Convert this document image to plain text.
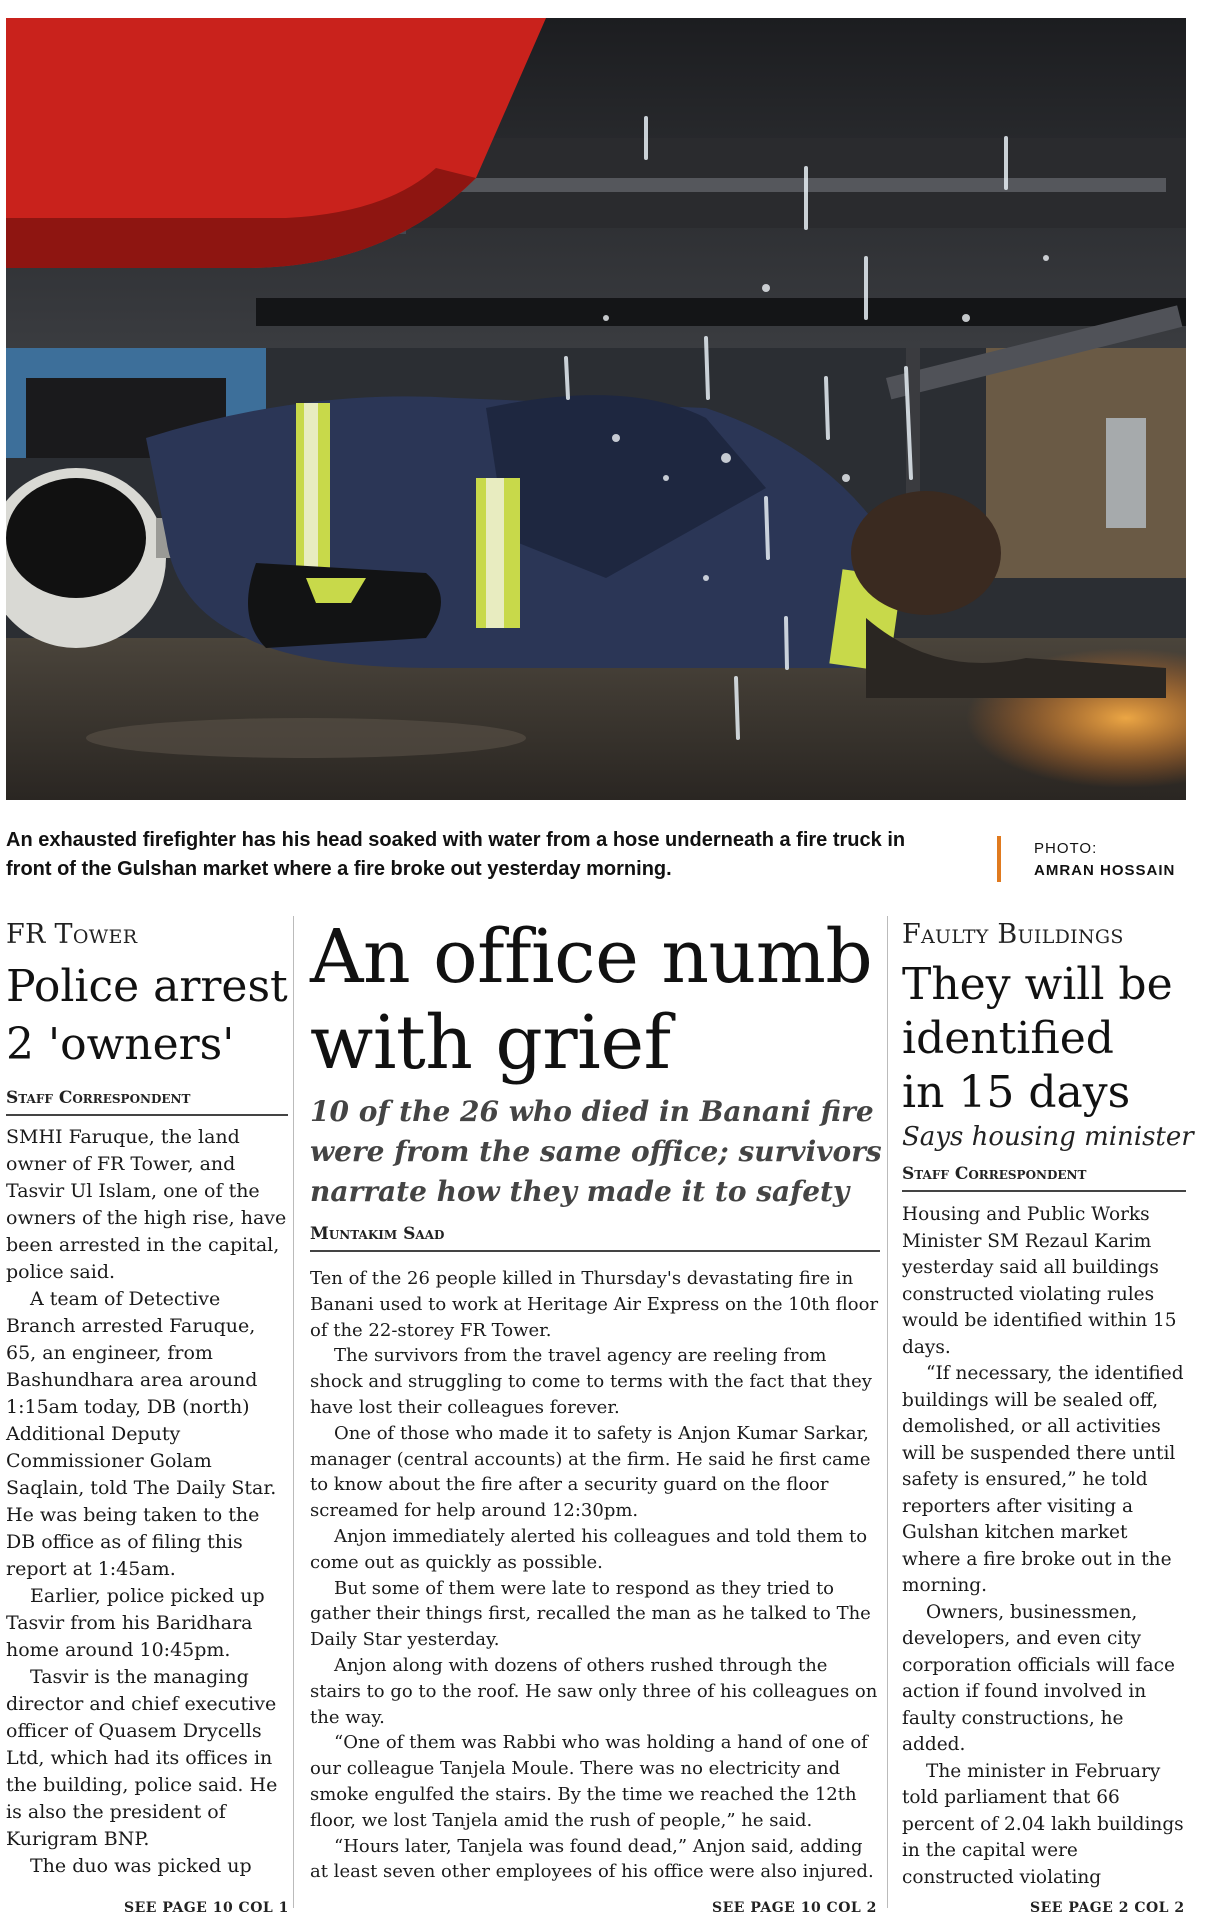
An exhausted firefighter has his head soaked with water from a hose underneath a fire truck in front of the Gulshan market where a fire broke out yesterday morning.
PHOTO:
AMRAN HOSSAIN
FR Tower
Police arrest
2 'owners'
Staff Correspondent

SMHI Faruque, the land owner of FR Tower, and Tasvir Ul Islam, one of the owners of the high rise, have been arrested in the capital, police said.

A team of Detective Branch arrested Faruque, 65, an engineer, from Bashundhara area around 1:15am today, DB (north) Additional Deputy Commissioner Golam Saqlain, told The Daily Star. He was being taken to the DB office as of filing this report at 1:45am.

Earlier, police picked up Tasvir from his Baridhara home around 10:45pm.

Tasvir is the managing director and chief executive officer of Quasem Drycells Ltd, which had its offices in the building, police said. He is also the president of Kurigram BNP.

The duo was picked up

SEE PAGE 10 COL 1
An office numb
with grief
10 of the 26 who died in Banani fire
were from the same office; survivors
narrate how they made it to safety
Muntakim Saad

Ten of the 26 people killed in Thursday's devastating fire in Banani used to work at Heritage Air Express on the 10th floor of the 22-storey FR Tower.

The survivors from the travel agency are reeling from shock and struggling to come to terms with the fact that they have lost their colleagues forever.

One of those who made it to safety is Anjon Kumar Sarkar, manager (central accounts) at the firm. He said he first came to know about the fire after a security guard on the floor screamed for help around 12:30pm.

Anjon immediately alerted his colleagues and told them to come out as quickly as possible.

But some of them were late to respond as they tried to gather their things first, recalled the man as he talked to The Daily Star yesterday.

Anjon along with dozens of others rushed through the stairs to go to the roof. He saw only three of his colleagues on the way.

“One of them was Rabbi who was holding a hand of one of our colleague Tanjela Moule. There was no electricity and smoke engulfed the stairs. By the time we reached the 12th floor, we lost Tanjela amid the rush of people,” he said.

“Hours later, Tanjela was found dead,” Anjon said, adding at least seven other employees of his office were also injured.

SEE PAGE 10 COL 2
Faulty Buildings
They will be
identified
in 15 days
Says housing minister
Staff Correspondent

Housing and Public Works Minister SM Rezaul Karim yesterday said all buildings constructed violating rules would be identified within 15 days.

“If necessary, the identified buildings will be sealed off, demolished, or all activities will be suspended there until safety is ensured,” he told reporters after visiting a Gulshan kitchen market where a fire broke out in the morning.

Owners, businessmen, developers, and even city corporation officials will face action if found involved in faulty constructions, he added.

The minister in February told parliament that 66 percent of 2.04 lakh buildings in the capital were constructed violating

SEE PAGE 2 COL 2
